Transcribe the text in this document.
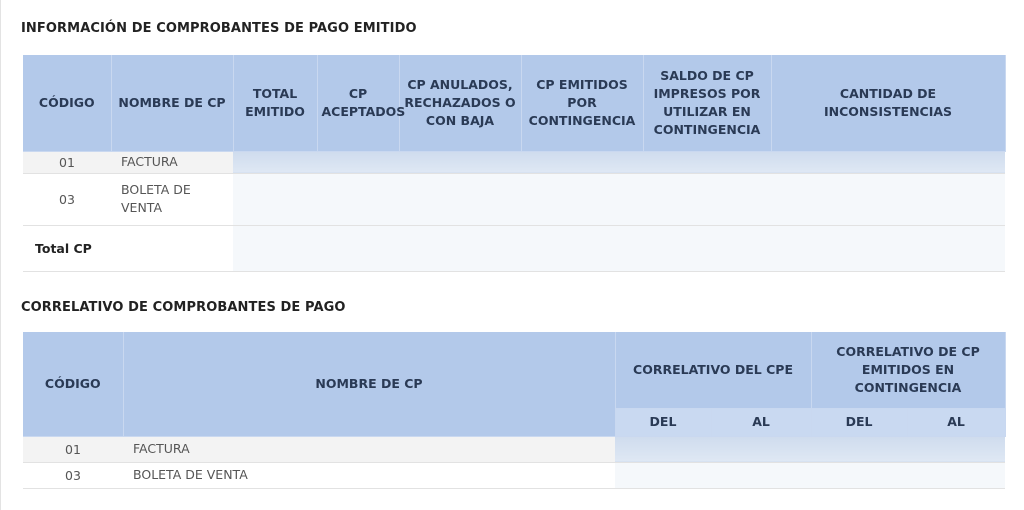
INFORMACIÓN DE COMPROBANTES DE PAGO EMITIDO
CÓDIGO	NOMBRE DE CP	TOTAL EMITIDO	CP ACEPTADOS	CP ANULADOS, RECHAZADOS O CON BAJA	CP EMITIDOS POR CONTINGENCIA	SALDO DE CP IMPRESOS POR UTILIZAR EN CONTINGENCIA	CANTIDAD DE INCONSISTENCIAS
01	FACTURA						
03	BOLETA DE VENTA						
Total CP							
CORRELATIVO DE COMPROBANTES DE PAGO
CÓDIGO	NOMBRE DE CP	CORRELATIVO DEL CPE		CORRELATIVO DE CP EMITIDOS EN CONTINGENCIA	
		DEL	AL	DEL	AL
01	FACTURA				
03	BOLETA DE VENTA				
